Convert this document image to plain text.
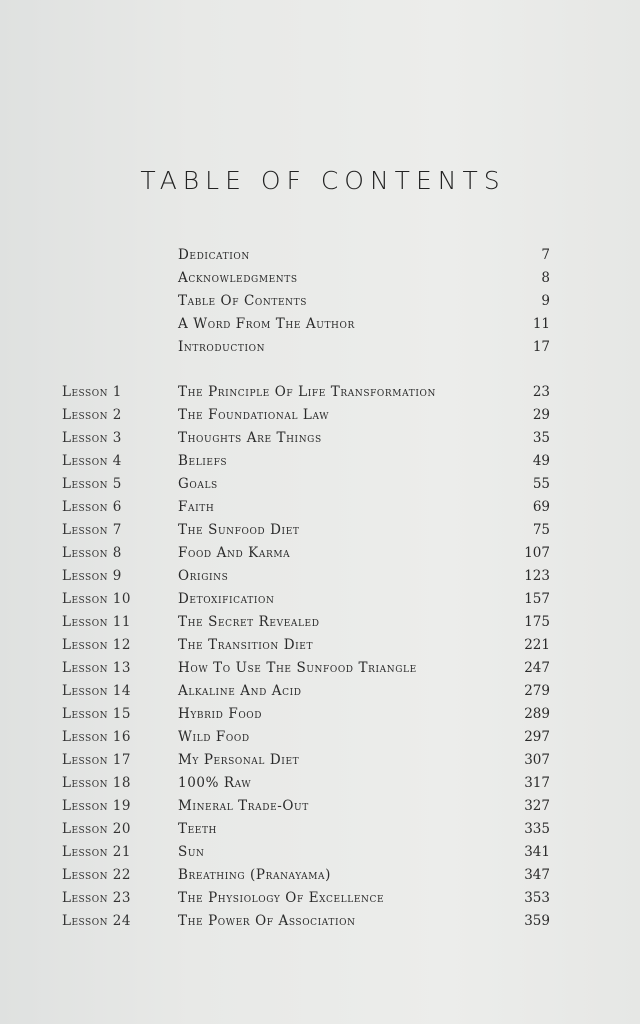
TABLE OF CONTENTS
Dedication	7
Acknowledgments	8
Table Of Contents	9
A Word From The Author	11
Introduction	17
Lesson 1	The Principle Of Life Transformation	23
Lesson 2	The Foundational Law	29
Lesson 3	Thoughts Are Things	35
Lesson 4	Beliefs	49
Lesson 5	Goals	55
Lesson 6	Faith	69
Lesson 7	The Sunfood Diet	75
Lesson 8	Food And Karma	107
Lesson 9	Origins	123
Lesson 10	Detoxification	157
Lesson 11	The Secret Revealed	175
Lesson 12	The Transition Diet	221
Lesson 13	How To Use The Sunfood Triangle	247
Lesson 14	Alkaline And Acid	279
Lesson 15	Hybrid Food	289
Lesson 16	Wild Food	297
Lesson 17	My Personal Diet	307
Lesson 18	100% Raw	317
Lesson 19	Mineral Trade-Out	327
Lesson 20	Teeth	335
Lesson 21	Sun	341
Lesson 22	Breathing (Pranayama)	347
Lesson 23	The Physiology Of Excellence	353
Lesson 24	The Power Of Association	359
